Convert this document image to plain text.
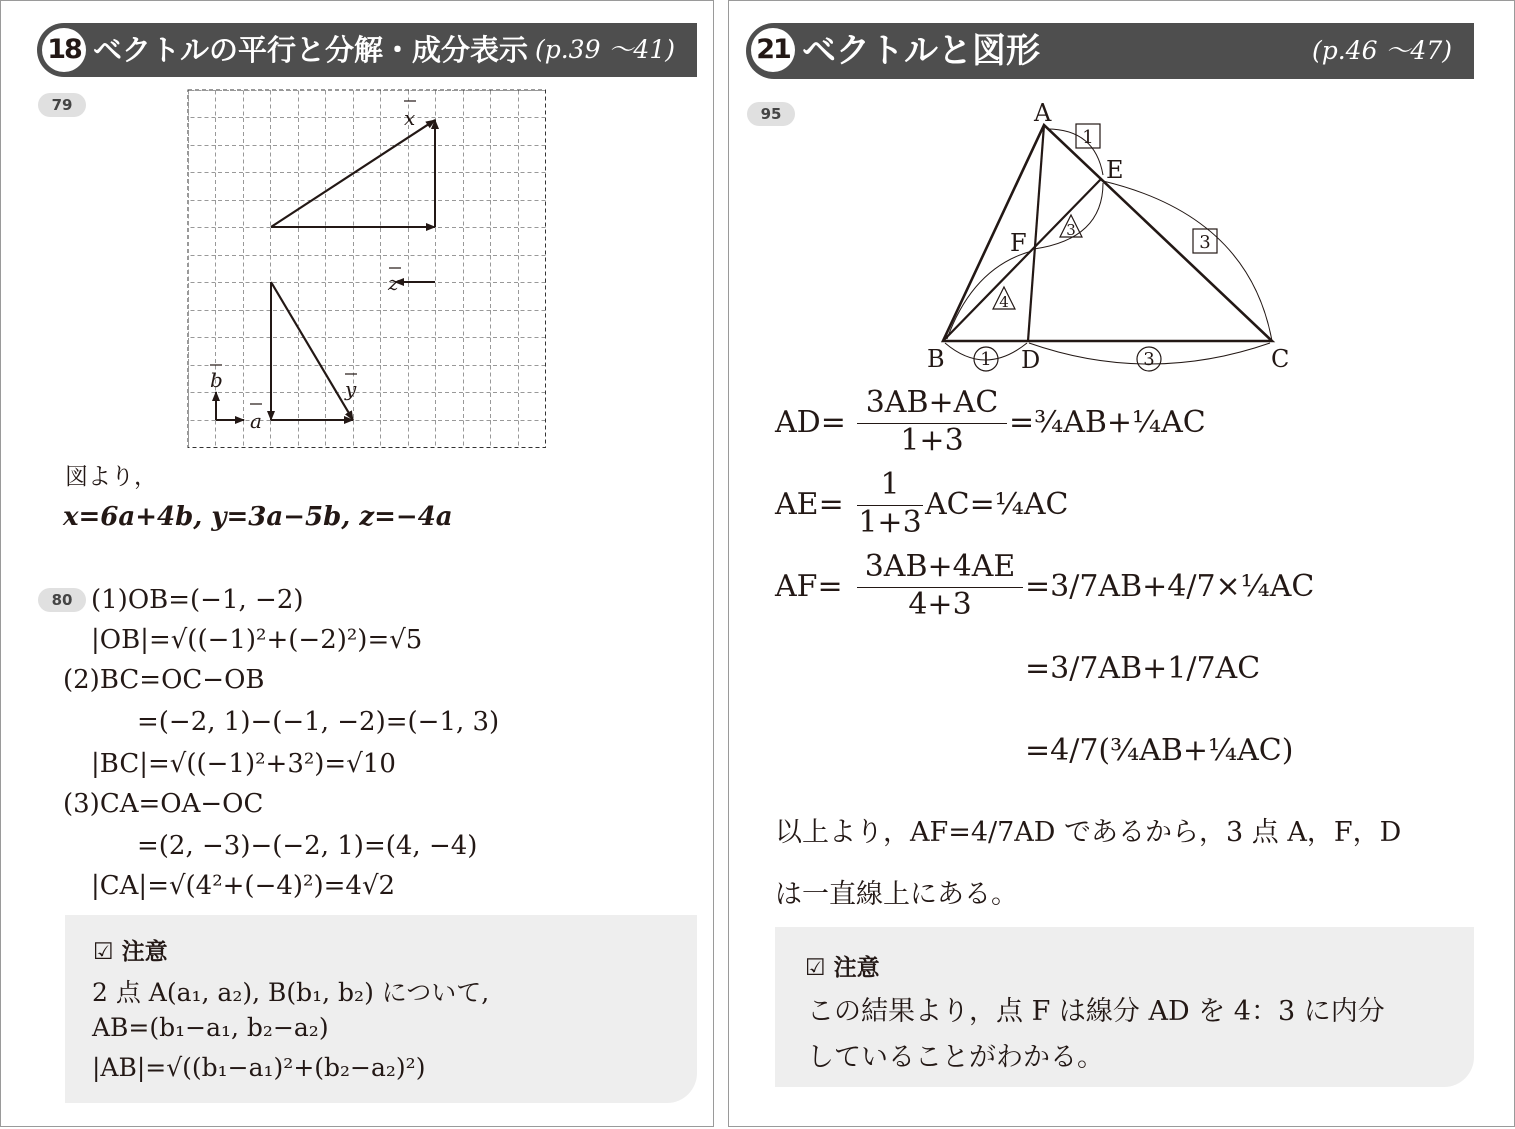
18 ベクトルの平行と分解・成分表示 (p.39 ～41)
79
x
z
b
a
y
図より，
x=6a+4b, y=3a−5b, z=−4a
80 (1)OB=(−1, −2)
|OB|=√((−1)²+(−2)²)=√5
(2)BC=OC−OB
=(−2, 1)−(−1, −2)=(−1, 3)
|BC|=√((−1)²+3²)=√10
(3)CA=OA−OC
=(2, −3)−(−2, 1)=(4, −4)
|CA|=√(4²+(−4)²)=4√2
☑ 注意
2 点 A(a₁, a₂), B(b₁, b₂) について,
AB=(b₁−a₁, b₂−a₂)
|AB|=√((b₁−a₁)²+(b₂−a₂)²)
21 ベクトルと図形	(p.46 ～47)
95	A
E
F
B	D	C
1
3
3
4
1	3
AD=
3AB+AC
1+3
=¾AB+¼AC
AE=
1
1+3
AC=¼AC
AF=
3AB+4AE
4+3
=3/7AB+4/7×¼AC
=3/7AB+1/7AC
=4/7(¾AB+¼AC)
以上より，AF=4/7AD であるから，3 点 A，F，D
は一直線上にある。
☑ 注意
この結果より，点 F は線分 AD を 4：3 に内分
していることがわかる。
